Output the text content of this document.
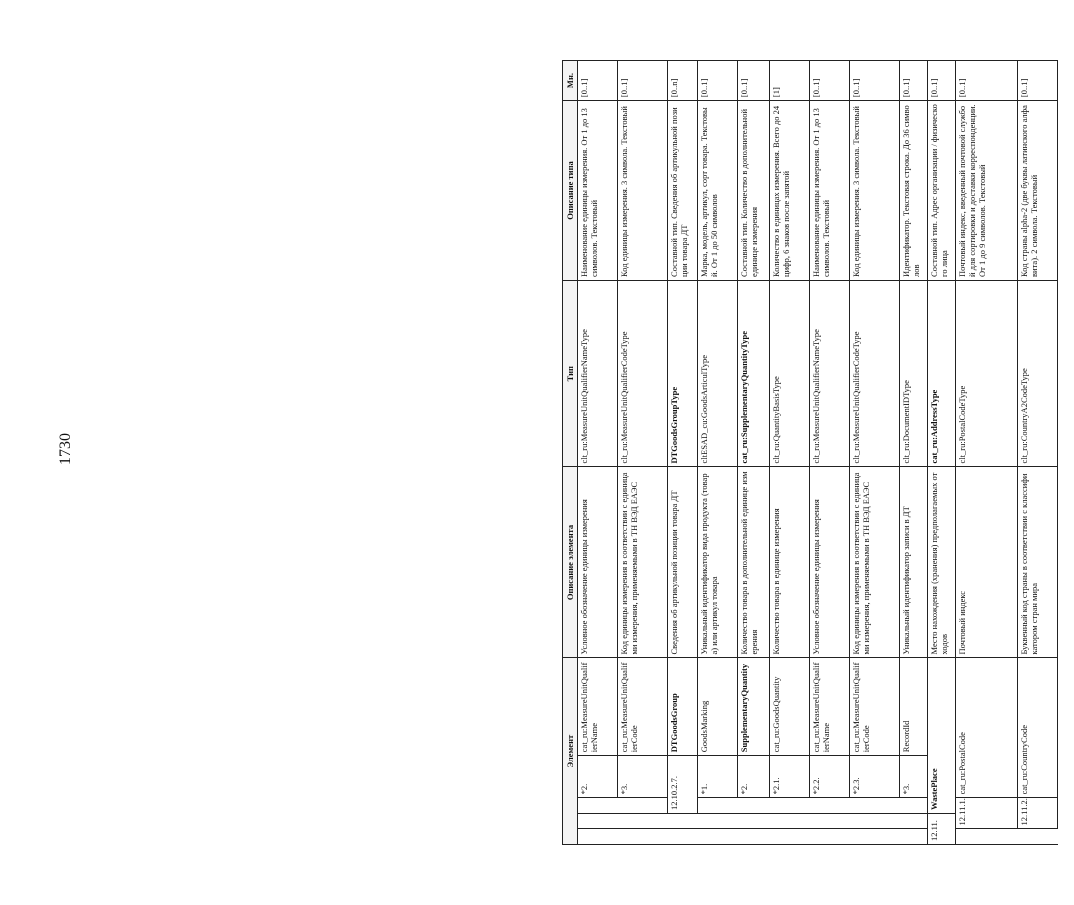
1730
Элемент					Описание элемента	Тип	Описание типа	Мн.
			*2.	cat_ru:MeasureUnitQualifierName	Условное обозначение единицы измерения	clt_ru:MeasureUnitQualifierNameType	Наименование единицы измерения. От 1 до 13 символов. Текстовый	[0..1]
			*3.	cat_ru:MeasureUnitQualifierCode	Код единицы измерения в соответствии с единицами измерения, применяемыми в ТН ВЭД ЕАЭС	clt_ru:MeasureUnitQualifierCodeType	Код единицы измерения. 3 символа. Текстовый	[0..1]
		12.10.2.7.		DTGoodsGroup	Сведения об артикульной позиции товара ДТ	DTGoodsGroupType	Составной тип. Сведения об артикульной позиции товара ДТ	[0..n]
			*1.	GoodsMarking	Уникальный идентификатор вида продукта (товара) или артикул товара	cltESAD_cu:GoodsArticulType	Марка, модель, артикул, сорт товара. Текстовый. От 1 до 50 символов	[0..1]
			*2.	SupplementaryQuantity	Количество товара в дополнительной единице измерения	cat_ru:SupplementaryQuantityType	Составной тип. Количество в дополнительной единице измерения	[0..1]
			*2.1.	cat_ru:GoodsQuantity	Количество товара в единице измерения	clt_ru:QuantityBasisType	Количество в единицах измерения. Всего до 24 цифр, 6 знаков после запятой	[1]
			*2.2.	cat_ru:MeasureUnitQualifierName	Условное обозначение единицы измерения	clt_ru:MeasureUnitQualifierNameType	Наименование единицы измерения. От 1 до 13 символов. Текстовый	[0..1]
			*2.3.	cat_ru:MeasureUnitQualifierCode	Код единицы измерения в соответствии с единицами измерения, применяемыми в ТН ВЭД ЕАЭС	clt_ru:MeasureUnitQualifierCodeType	Код единицы измерения. 3 символа. Текстовый	[0..1]
			*3.	RecordId	Уникальный идентификатор записи в ДТ	clt_ru:DocumentIDType	Идентификатор. Текстовая строка. До 36 символов	[0..1]
12.11.		WastePlace			Место нахождения (хранения) предполагаемых отходов	cat_ru:AddressType	Составной тип. Адрес организации / физического лица	[0..1]
	12.11.1.		cat_ru:PostalCode		Почтовый индекс	clt_ru:PostalCodeType	Почтовый индекс, введенный почтовой службой для сортировки и доставки корреспонденции. От 1 до 9 символов. Текстовый	[0..1]
	12.11.2.		cat_ru:CountryCode		Буквенный код страны в соответствии с классификатором стран мира	clt_ru:CountryA2CodeType	Код страны alpha-2 (две буквы латинского алфавита). 2 символа. Текстовый	[0..1]
